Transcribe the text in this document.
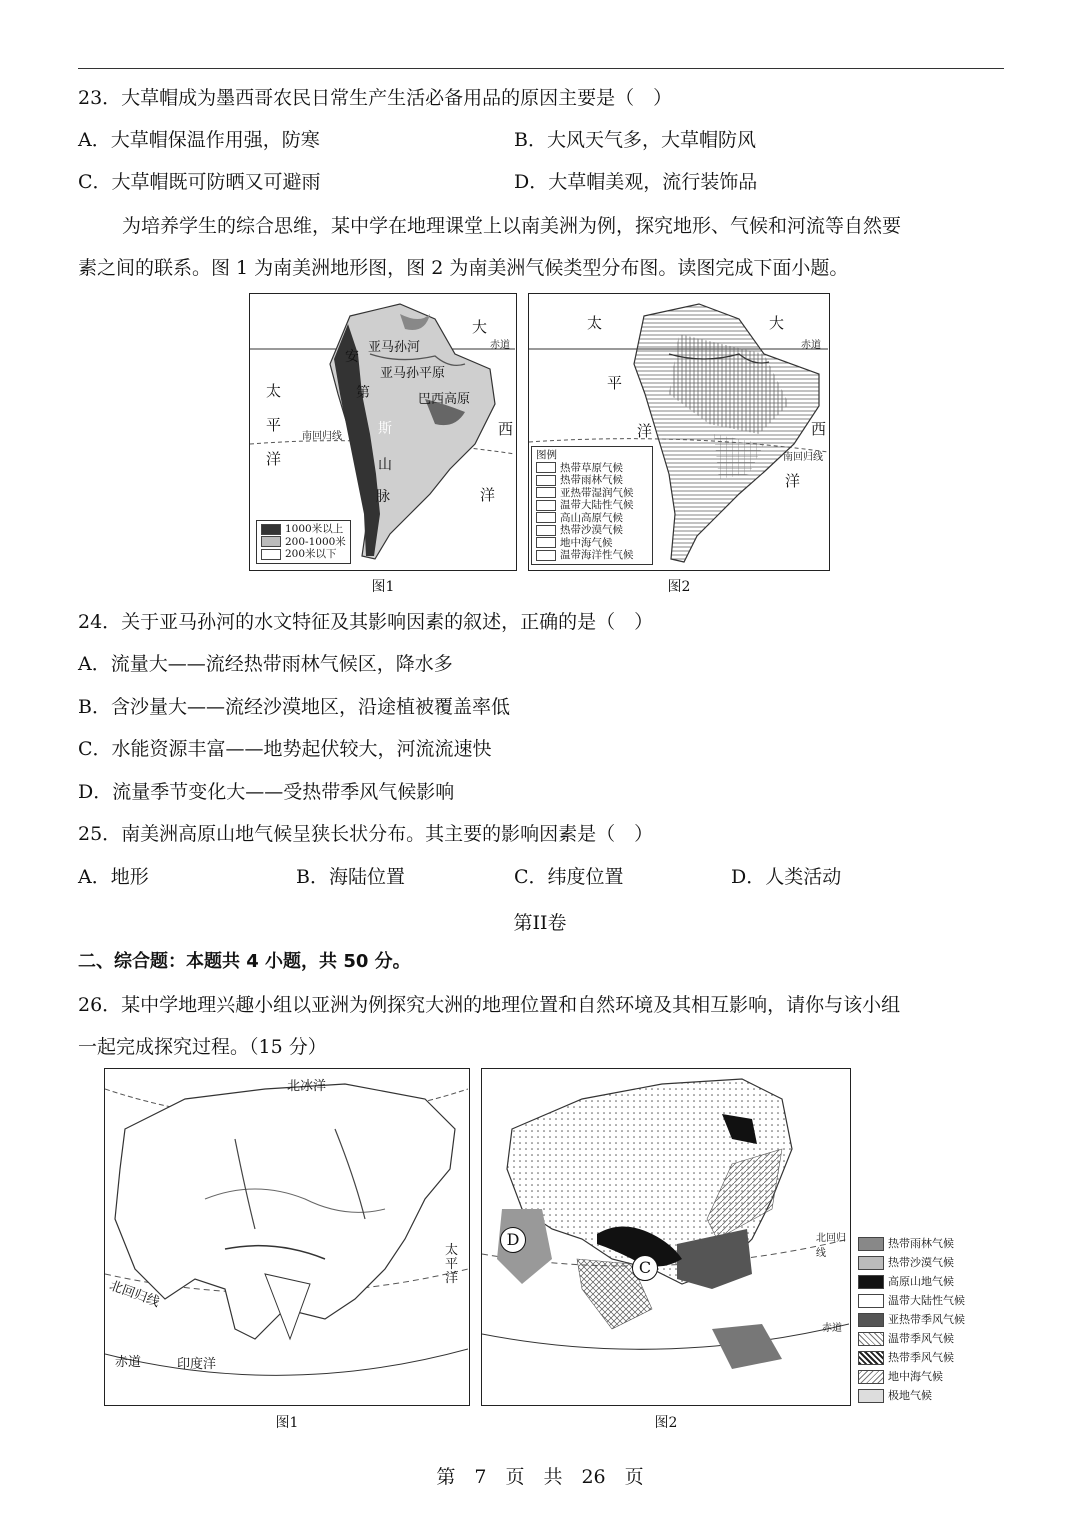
23．大草帽成为墨西哥农民日常生产生活必备用品的原因主要是（　）
A．大草帽保温作用强，防寒	B．大风天气多，大草帽防风
C．大草帽既可防晒又可避雨	D．大草帽美观，流行装饰品
为培养学生的综合思维，某中学在地理课堂上以南美洲为例，探究地形、气候和河流等自然要
素之间的联系。图 1 为南美洲地形图，图 2 为南美洲气候类型分布图。读图完成下面小题。
大
太
平
洋
西
洋
亚马孙河
亚马孙平原
巴西高原
安
第
斯
山
脉
赤道
南回归线
1000米以上
200-1000米
200米以下
图1
太
平
洋
大
西
洋
赤道
南回归线
图例
热带草原气候
热带雨林气候
亚热带湿润气候
温带大陆性气候
高山高原气候
热带沙漠气候
地中海气候
温带海洋性气候
图2
24．关于亚马孙河的水文特征及其影响因素的叙述，正确的是（　）
A．流量大——流经热带雨林气候区，降水多
B．含沙量大——流经沙漠地区，沿途植被覆盖率低
C．水能资源丰富——地势起伏较大，河流流速快
D．流量季节变化大——受热带季风气候影响
25．南美洲高原山地气候呈狭长状分布。其主要的影响因素是（　）
A．地形	B．海陆位置	C．纬度位置	D．人类活动
第II卷
二、综合题：本题共 4 小题，共 50 分。
26．某中学地理兴趣小组以亚洲为例探究大洲的地理位置和自然环境及其相互影响，请你与该小组
一起完成探究过程。（15 分）
北冰洋
太
平
洋
北回归线
赤道	印度洋
图1
D
C
北回归线
赤道
图2
热带雨林气候
热带沙漠气候
高原山地气候
温带大陆性气候
亚热带季风气候
温带季风气候
热带季风气候
地中海气候
极地气候
第　7　页　共　26　页
